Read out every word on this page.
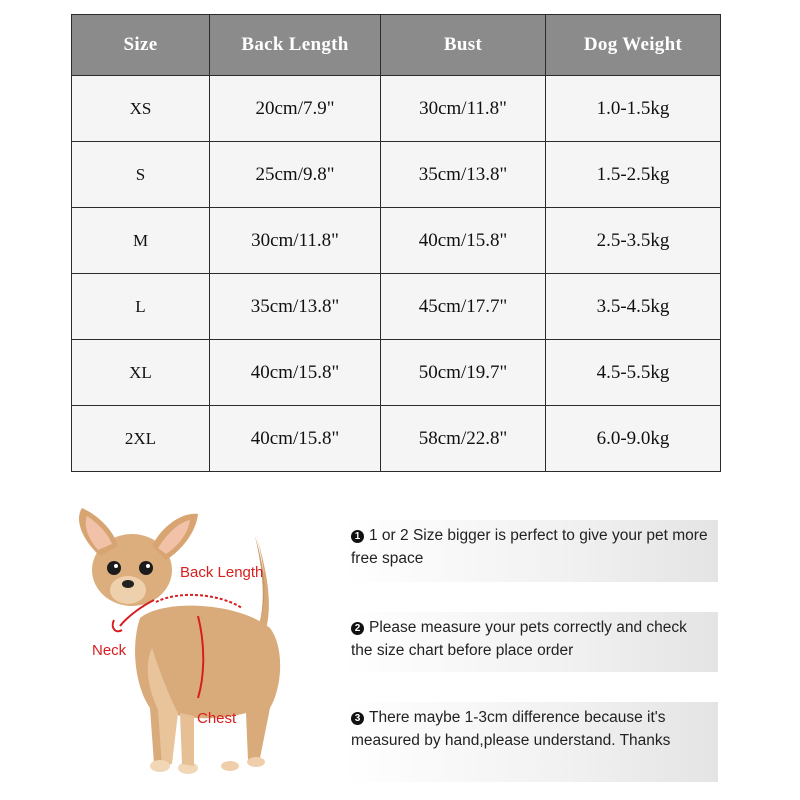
Size	Back Length	Bust	Dog Weight
XS	20cm/7.9"	30cm/11.8"	1.0-1.5kg
S	25cm/9.8"	35cm/13.8"	1.5-2.5kg
M	30cm/11.8"	40cm/15.8"	2.5-3.5kg
L	35cm/13.8"	45cm/17.7"	3.5-4.5kg
XL	40cm/15.8"	50cm/19.7"	4.5-5.5kg
2XL	40cm/15.8"	58cm/22.8"	6.0-9.0kg
Back Length
Neck
Chest
1 1 or 2 Size bigger is perfect to give your pet more free space
2 Please measure your pets correctly and check the size chart before place order
3 There maybe 1-3cm difference because it's measured by hand,please understand. Thanks
